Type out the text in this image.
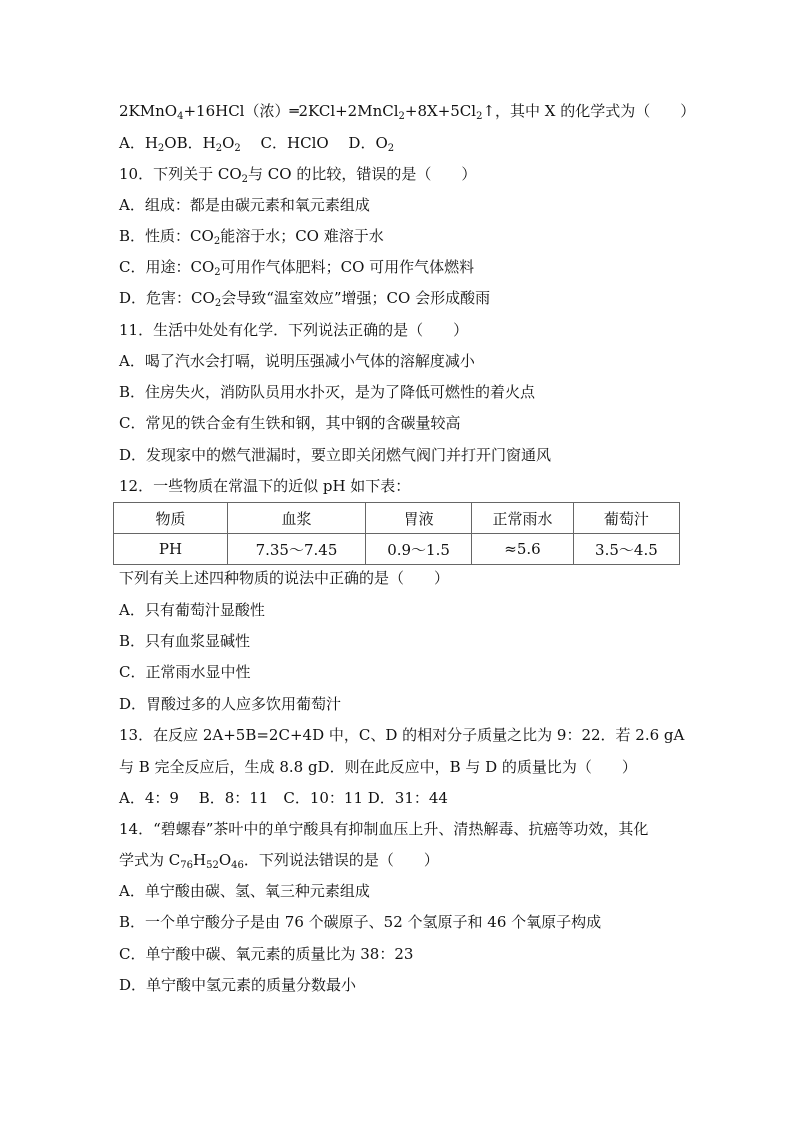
2KMnO$_4$+16HCl（浓）$═2KCl+2MnCl_2+8X+5Cl_2↑$，其中 X 的化学式为（　　）
A．$H_2OB$．$H_2O_2$　 C．HClO　 D．$O_2$
10．下列关于 $CO_2$与 CO 的比较，错误的是（　　）
A．组成：都是由碳元素和氧元素组成
B．性质：$CO_2$能溶于水；CO 难溶于水
C．用途：$CO_2$可用作气体肥料；CO 可用作气体燃料
D．危害：$CO_2$会导致“温室效应”增强；CO 会形成酸雨
11．生活中处处有化学．下列说法正确的是（　　）
A．喝了汽水会打嗝，说明压强减小气体的溶解度减小
B．住房失火，消防队员用水扑灭，是为了降低可燃性的着火点
C．常见的铁合金有生铁和钢，其中钢的含碳量较高
D．发现家中的燃气泄漏时，要立即关闭燃气阀门并打开门窗通风
12．一些物质在常温下的近似 pH 如下表：
物质	血浆	胃液	正常雨水	葡萄汁
PH	7.35～7.45	0.9～1.5	≈5.6	3.5～4.5
下列有关上述四种物质的说法中正确的是（　　）
A．只有葡萄汁显酸性
B．只有血浆显碱性
C．正常雨水显中性
D．胃酸过多的人应多饮用葡萄汁
13．在反应 2A+5B=2C+4D 中，C、D 的相对分子质量之比为 9：22．若 2.6 gA
与 B 完全反应后，生成 8.8 gD．则在此反应中，B 与 D 的质量比为（　　）
A．4：9　 B．8：11　C．10：11 D．31：44
14．“碧螺春”茶叶中的单宁酸具有抑制血压上升、清热解毒、抗癌等功效，其化
学式为 $C_{76}H_{52}O_{46}$．下列说法错误的是（　　）
A．单宁酸由碳、氢、氧三种元素组成
B．一个单宁酸分子是由 76 个碳原子、52 个氢原子和 46 个氧原子构成
C．单宁酸中碳、氧元素的质量比为 38：23
D．单宁酸中氢元素的质量分数最小
